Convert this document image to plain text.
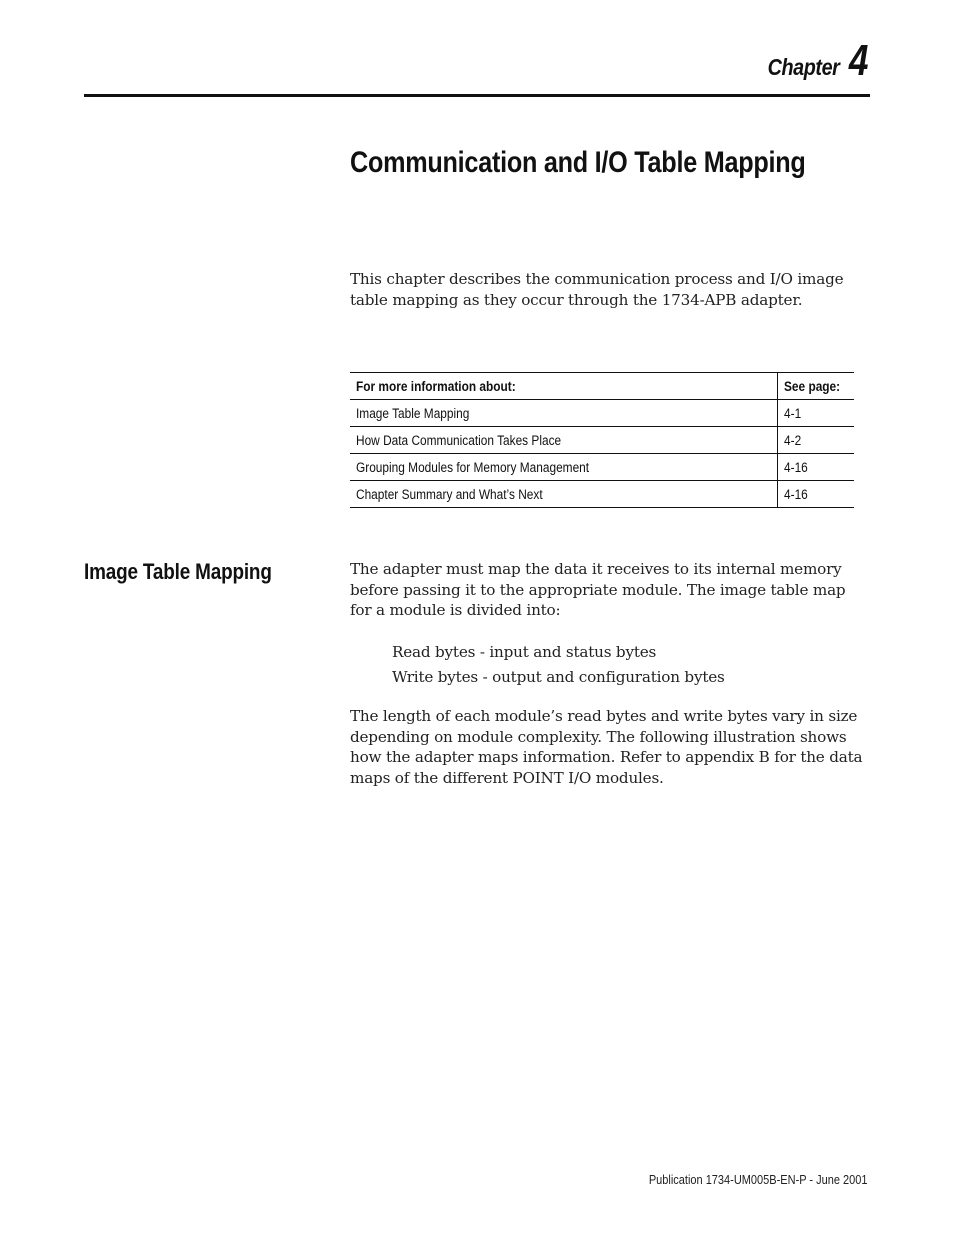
Chapter 4
Communication and I/O Table Mapping

This chapter describes the communication process and I/O image table mapping as they occur through the 1734-APB adapter.

For more information about:	See page:
Image Table Mapping	4-1
How Data Communication Takes Place	4-2
Grouping Modules for Memory Management	4-16
Chapter Summary and What’s Next	4-16
Image Table Mapping	The adapter must map the data it receives to its internal memory before passing it to the appropriate module. The image table map for a module is divided into:

Read bytes - input and status bytes
Write bytes - output and configuration bytes

The length of each module’s read bytes and write bytes vary in size depending on module complexity. The following illustration shows how the adapter maps information. Refer to appendix B for the data maps of the different POINT I/O modules.

Publication 1734-UM005B-EN-P - June 2001
